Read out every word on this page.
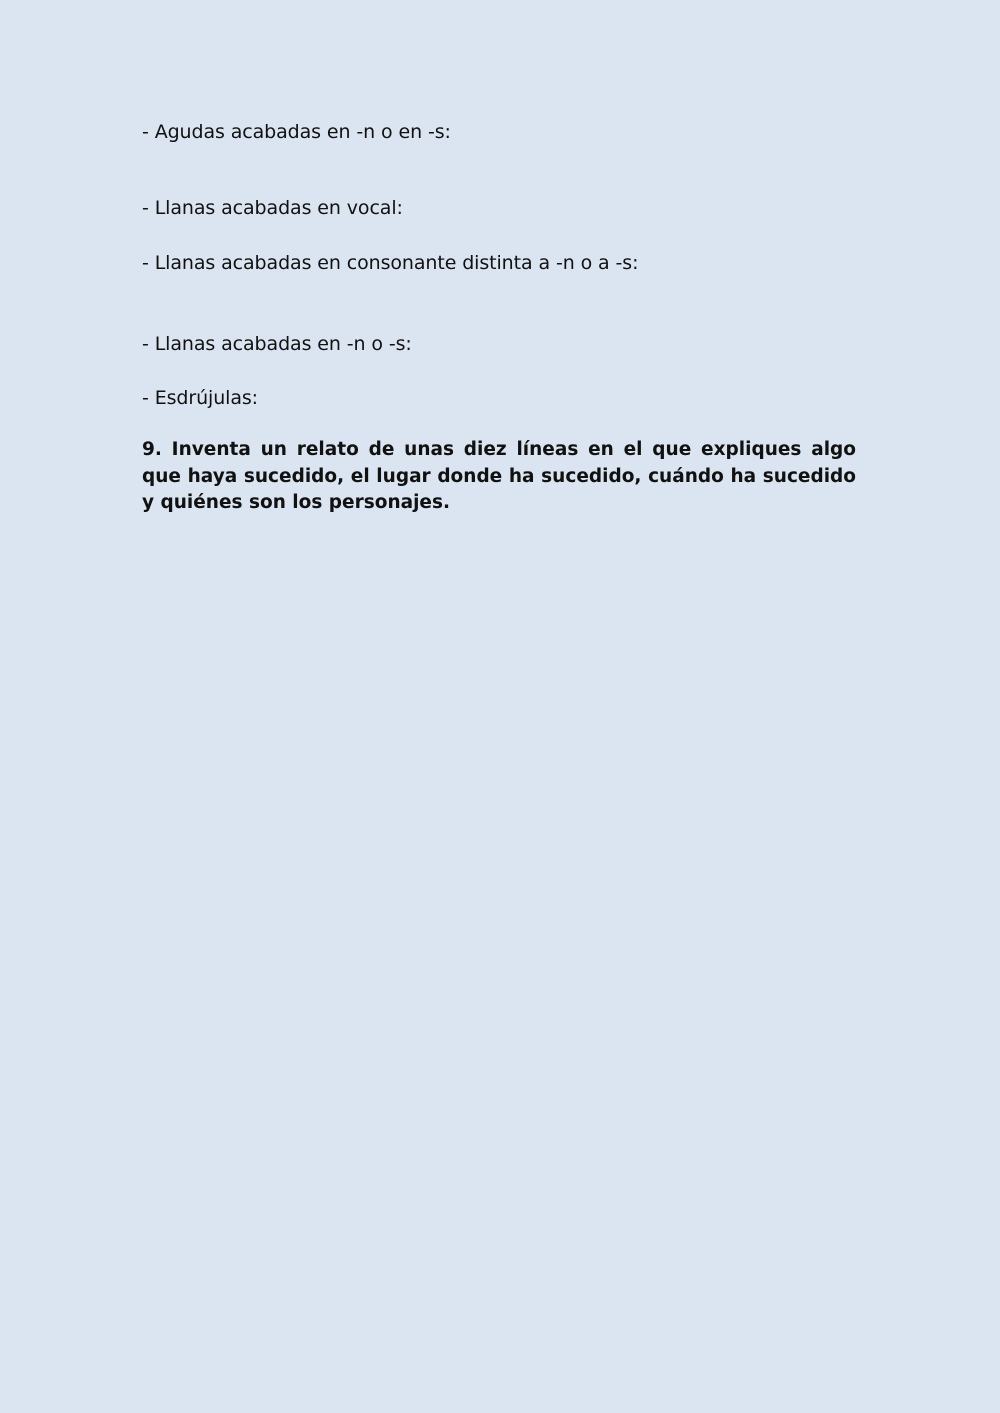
- Agudas acabadas en -n o en -s:
- Llanas acabadas en vocal:
- Llanas acabadas en consonante distinta a -n o a -s:
- Llanas acabadas en -n o -s:
- Esdrújulas:
9. Inventa un relato de unas diez líneas en el que expliques algo que haya sucedido, el lugar donde ha sucedido, cuándo ha sucedido y quiénes son los personajes.
